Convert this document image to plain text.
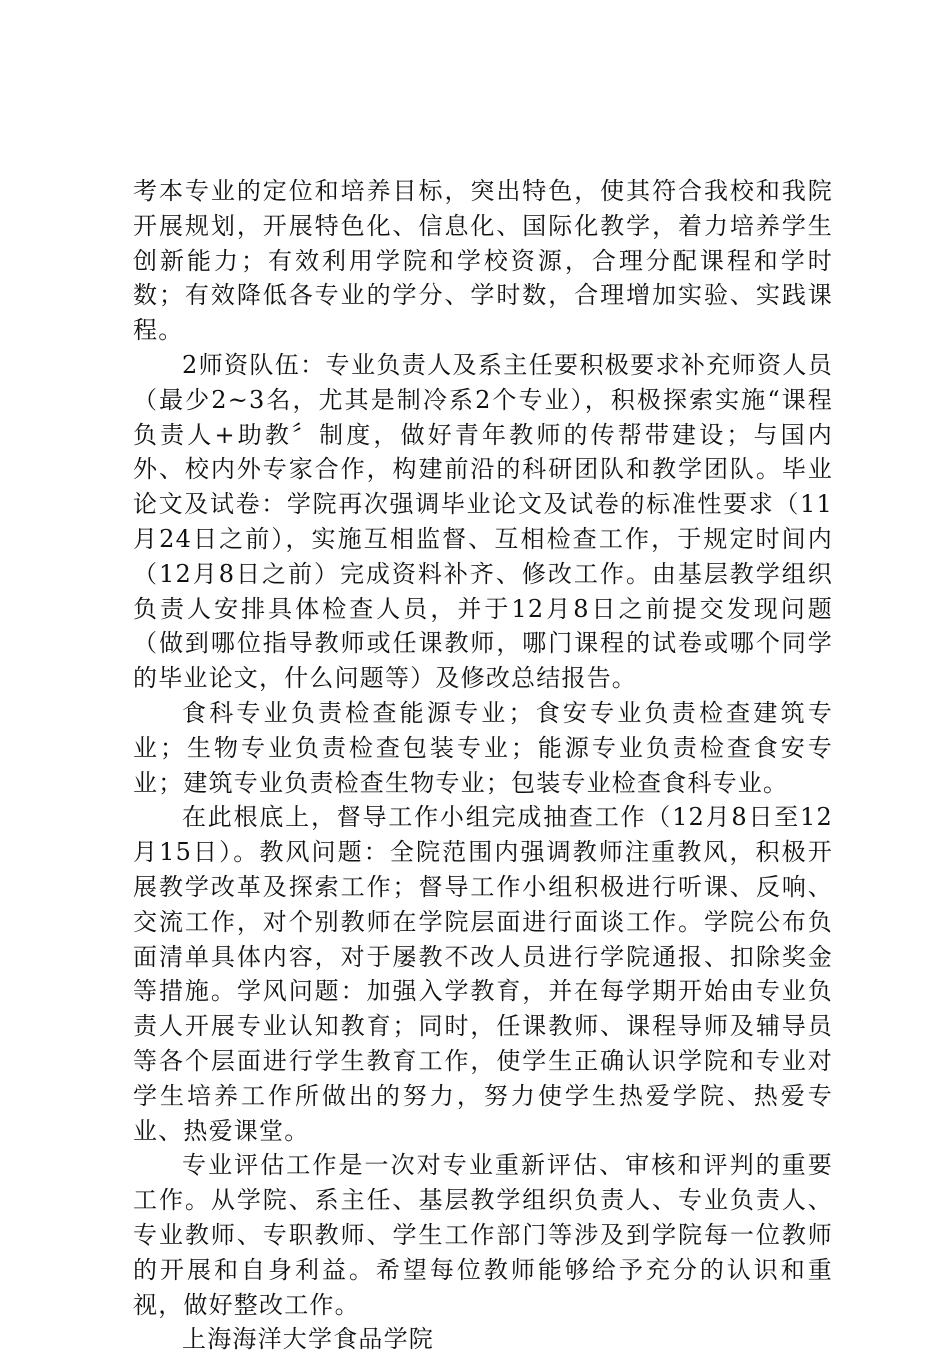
考本专业的定位和培养目标，突出特色，使其符合我校和我院开展规划，开展特色化、信息化、国际化教学，着力培养学生创新能力；有效利用学院和学校资源，合理分配课程和学时数；有效降低各专业的学分、学时数，合理增加实验、实践课程。

2师资队伍：专业负责人及系主任要积极要求补充师资人员（最少2~3名，尤其是制冷系2个专业），积极探索实施“课程负责人+助教〞制度，做好青年教师的传帮带建设；与国内外、校内外专家合作，构建前沿的科研团队和教学团队。毕业论文及试卷：学院再次强调毕业论文及试卷的标准性要求（11月24日之前），实施互相监督、互相检查工作，于规定时间内（12月8日之前）完成资料补齐、修改工作。由基层教学组织负责人安排具体检查人员，并于12月8日之前提交发现问题（做到哪位指导教师或任课教师，哪门课程的试卷或哪个同学的毕业论文，什么问题等）及修改总结报告。

食科专业负责检查能源专业；食安专业负责检查建筑专业；生物专业负责检查包装专业；能源专业负责检查食安专业；建筑专业负责检查生物专业；包装专业检查食科专业。

在此根底上，督导工作小组完成抽查工作（12月8日至12月15日）。教风问题：全院范围内强调教师注重教风，积极开展教学改革及探索工作；督导工作小组积极进行听课、反响、交流工作，对个别教师在学院层面进行面谈工作。学院公布负面清单具体内容，对于屡教不改人员进行学院通报、扣除奖金等措施。学风问题：加强入学教育，并在每学期开始由专业负责人开展专业认知教育；同时，任课教师、课程导师及辅导员等各个层面进行学生教育工作，使学生正确认识学院和专业对学生培养工作所做出的努力，努力使学生热爱学院、热爱专业、热爱课堂。

专业评估工作是一次对专业重新评估、审核和评判的重要工作。从学院、系主任、基层教学组织负责人、专业负责人、专业教师、专职教师、学生工作部门等涉及到学院每一位教师的开展和自身利益。希望每位教师能够给予充分的认识和重视，做好整改工作。

上海海洋大学食品学院
